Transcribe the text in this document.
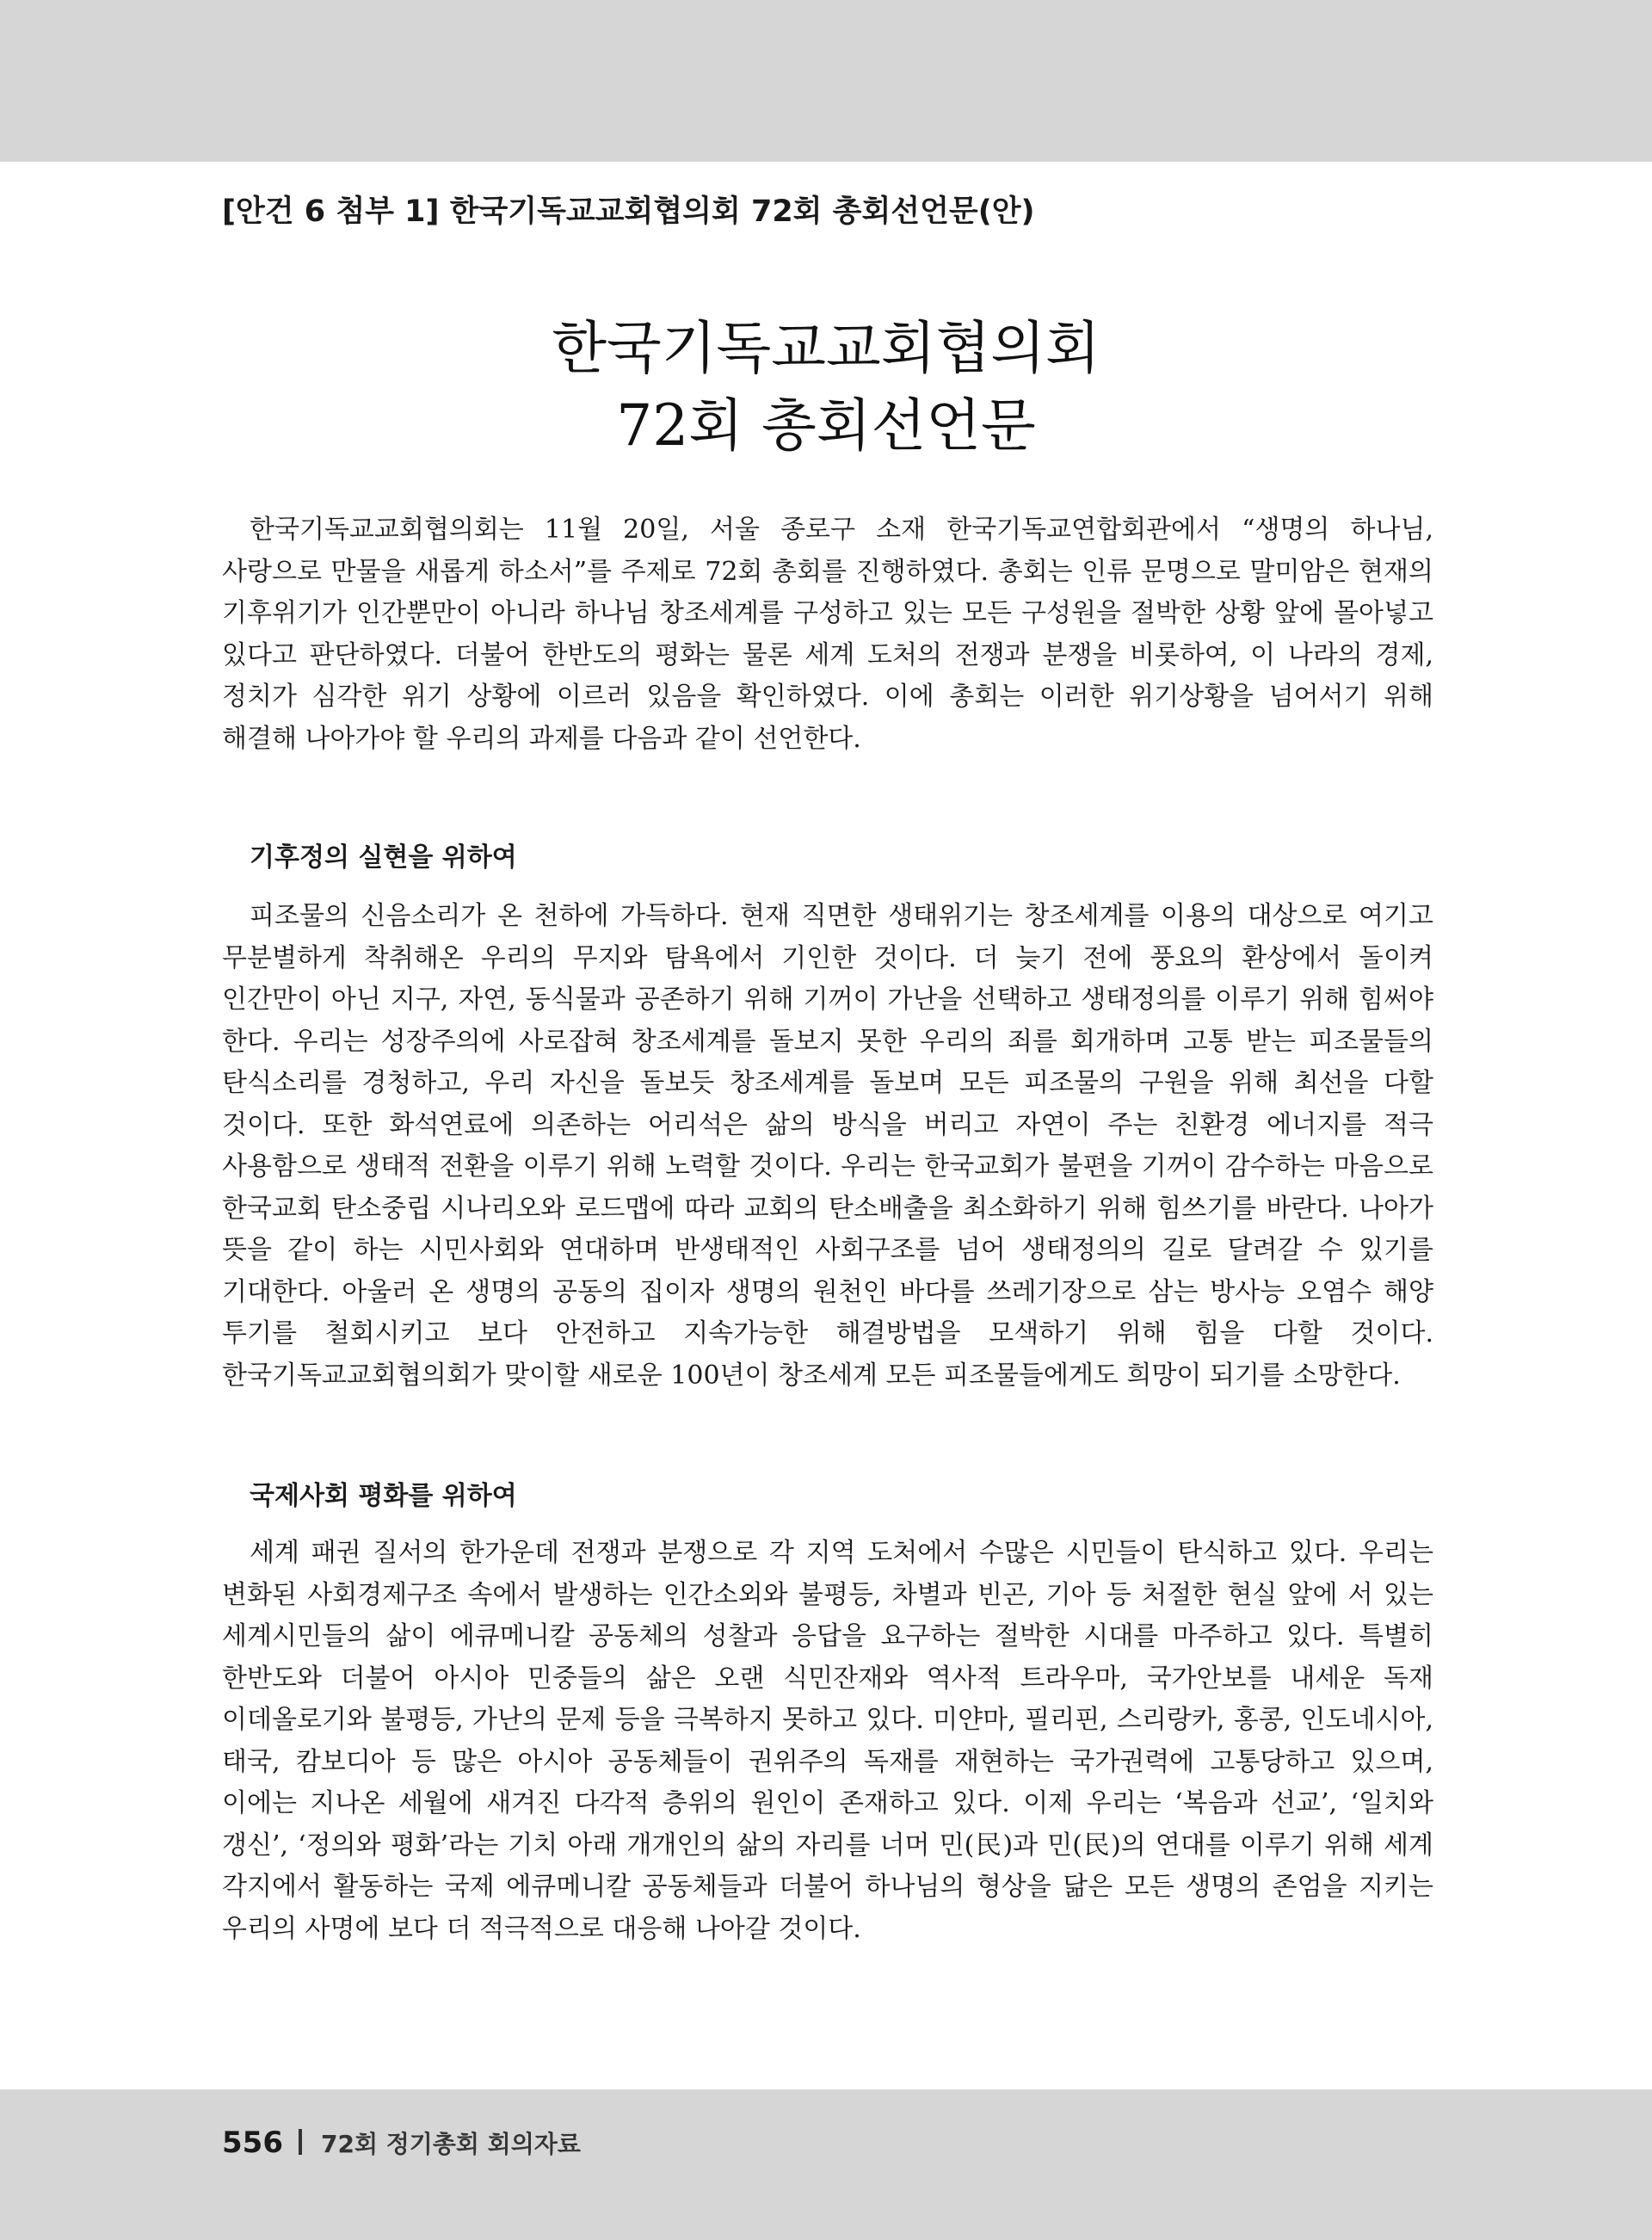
[안건 6 첨부 1] 한국기독교교회협의회 72회 총회선언문(안)
한국기독교교회협의회
72회 총회선언문

한국기독교교회협의회는 11월 20일, 서울 종로구 소재 한국기독교연합회관에서 “생명의 하나님, 사랑으로 만물을 새롭게 하소서”를 주제로 72회 총회를 진행하였다. 총회는 인류 문명으로 말미암은 현재의 기후위기가 인간뿐만이 아니라 하나님 창조세계를 구성하고 있는 모든 구성원을 절박한 상황 앞에 몰아넣고 있다고 판단하였다. 더불어 한반도의 평화는 물론 세계 도처의 전쟁과 분쟁을 비롯하여, 이 나라의 경제, 정치가 심각한 위기 상황에 이르러 있음을 확인하였다. 이에 총회는 이러한 위기상황을 넘어서기 위해 해결해 나아가야 할 우리의 과제를 다음과 같이 선언한다.

기후정의 실현을 위하여

피조물의 신음소리가 온 천하에 가득하다. 현재 직면한 생태위기는 창조세계를 이용의 대상으로 여기고 무분별하게 착취해온 우리의 무지와 탐욕에서 기인한 것이다. 더 늦기 전에 풍요의 환상에서 돌이켜 인간만이 아닌 지구, 자연, 동식물과 공존하기 위해 기꺼이 가난을 선택하고 생태정의를 이루기 위해 힘써야 한다. 우리는 성장주의에 사로잡혀 창조세계를 돌보지 못한 우리의 죄를 회개하며 고통 받는 피조물들의 탄식소리를 경청하고, 우리 자신을 돌보듯 창조세계를 돌보며 모든 피조물의 구원을 위해 최선을 다할 것이다. 또한 화석연료에 의존하는 어리석은 삶의 방식을 버리고 자연이 주는 친환경 에너지를 적극 사용함으로 생태적 전환을 이루기 위해 노력할 것이다. 우리는 한국교회가 불편을 기꺼이 감수하는 마음으로 한국교회 탄소중립 시나리오와 로드맵에 따라 교회의 탄소배출을 최소화하기 위해 힘쓰기를 바란다. 나아가 뜻을 같이 하는 시민사회와 연대하며 반생태적인 사회구조를 넘어 생태정의의 길로 달려갈 수 있기를 기대한다. 아울러 온 생명의 공동의 집이자 생명의 원천인 바다를 쓰레기장으로 삼는 방사능 오염수 해양 투기를 철회시키고 보다 안전하고 지속가능한 해결방법을 모색하기 위해 힘을 다할 것이다. 한국기독교교회협의회가 맞이할 새로운 100년이 창조세계 모든 피조물들에게도 희망이 되기를 소망한다.

국제사회 평화를 위하여

세계 패권 질서의 한가운데 전쟁과 분쟁으로 각 지역 도처에서 수많은 시민들이 탄식하고 있다. 우리는 변화된 사회경제구조 속에서 발생하는 인간소외와 불평등, 차별과 빈곤, 기아 등 처절한 현실 앞에 서 있는 세계시민들의 삶이 에큐메니칼 공동체의 성찰과 응답을 요구하는 절박한 시대를 마주하고 있다. 특별히 한반도와 더불어 아시아 민중들의 삶은 오랜 식민잔재와 역사적 트라우마, 국가안보를 내세운 독재 이데올로기와 불평등, 가난의 문제 등을 극복하지 못하고 있다. 미얀마, 필리핀, 스리랑카, 홍콩, 인도네시아, 태국, 캄보디아 등 많은 아시아 공동체들이 권위주의 독재를 재현하는 국가권력에 고통당하고 있으며, 이에는 지나온 세월에 새겨진 다각적 층위의 원인이 존재하고 있다. 이제 우리는 ‘복음과 선교’, ‘일치와 갱신’, ‘정의와 평화’라는 기치 아래 개개인의 삶의 자리를 너머 민(民)과 민(民)의 연대를 이루기 위해 세계 각지에서 활동하는 국제 에큐메니칼 공동체들과 더불어 하나님의 형상을 닮은 모든 생명의 존엄을 지키는 우리의 사명에 보다 더 적극적으로 대응해 나아갈 것이다.

556 72회 정기총회 회의자료
